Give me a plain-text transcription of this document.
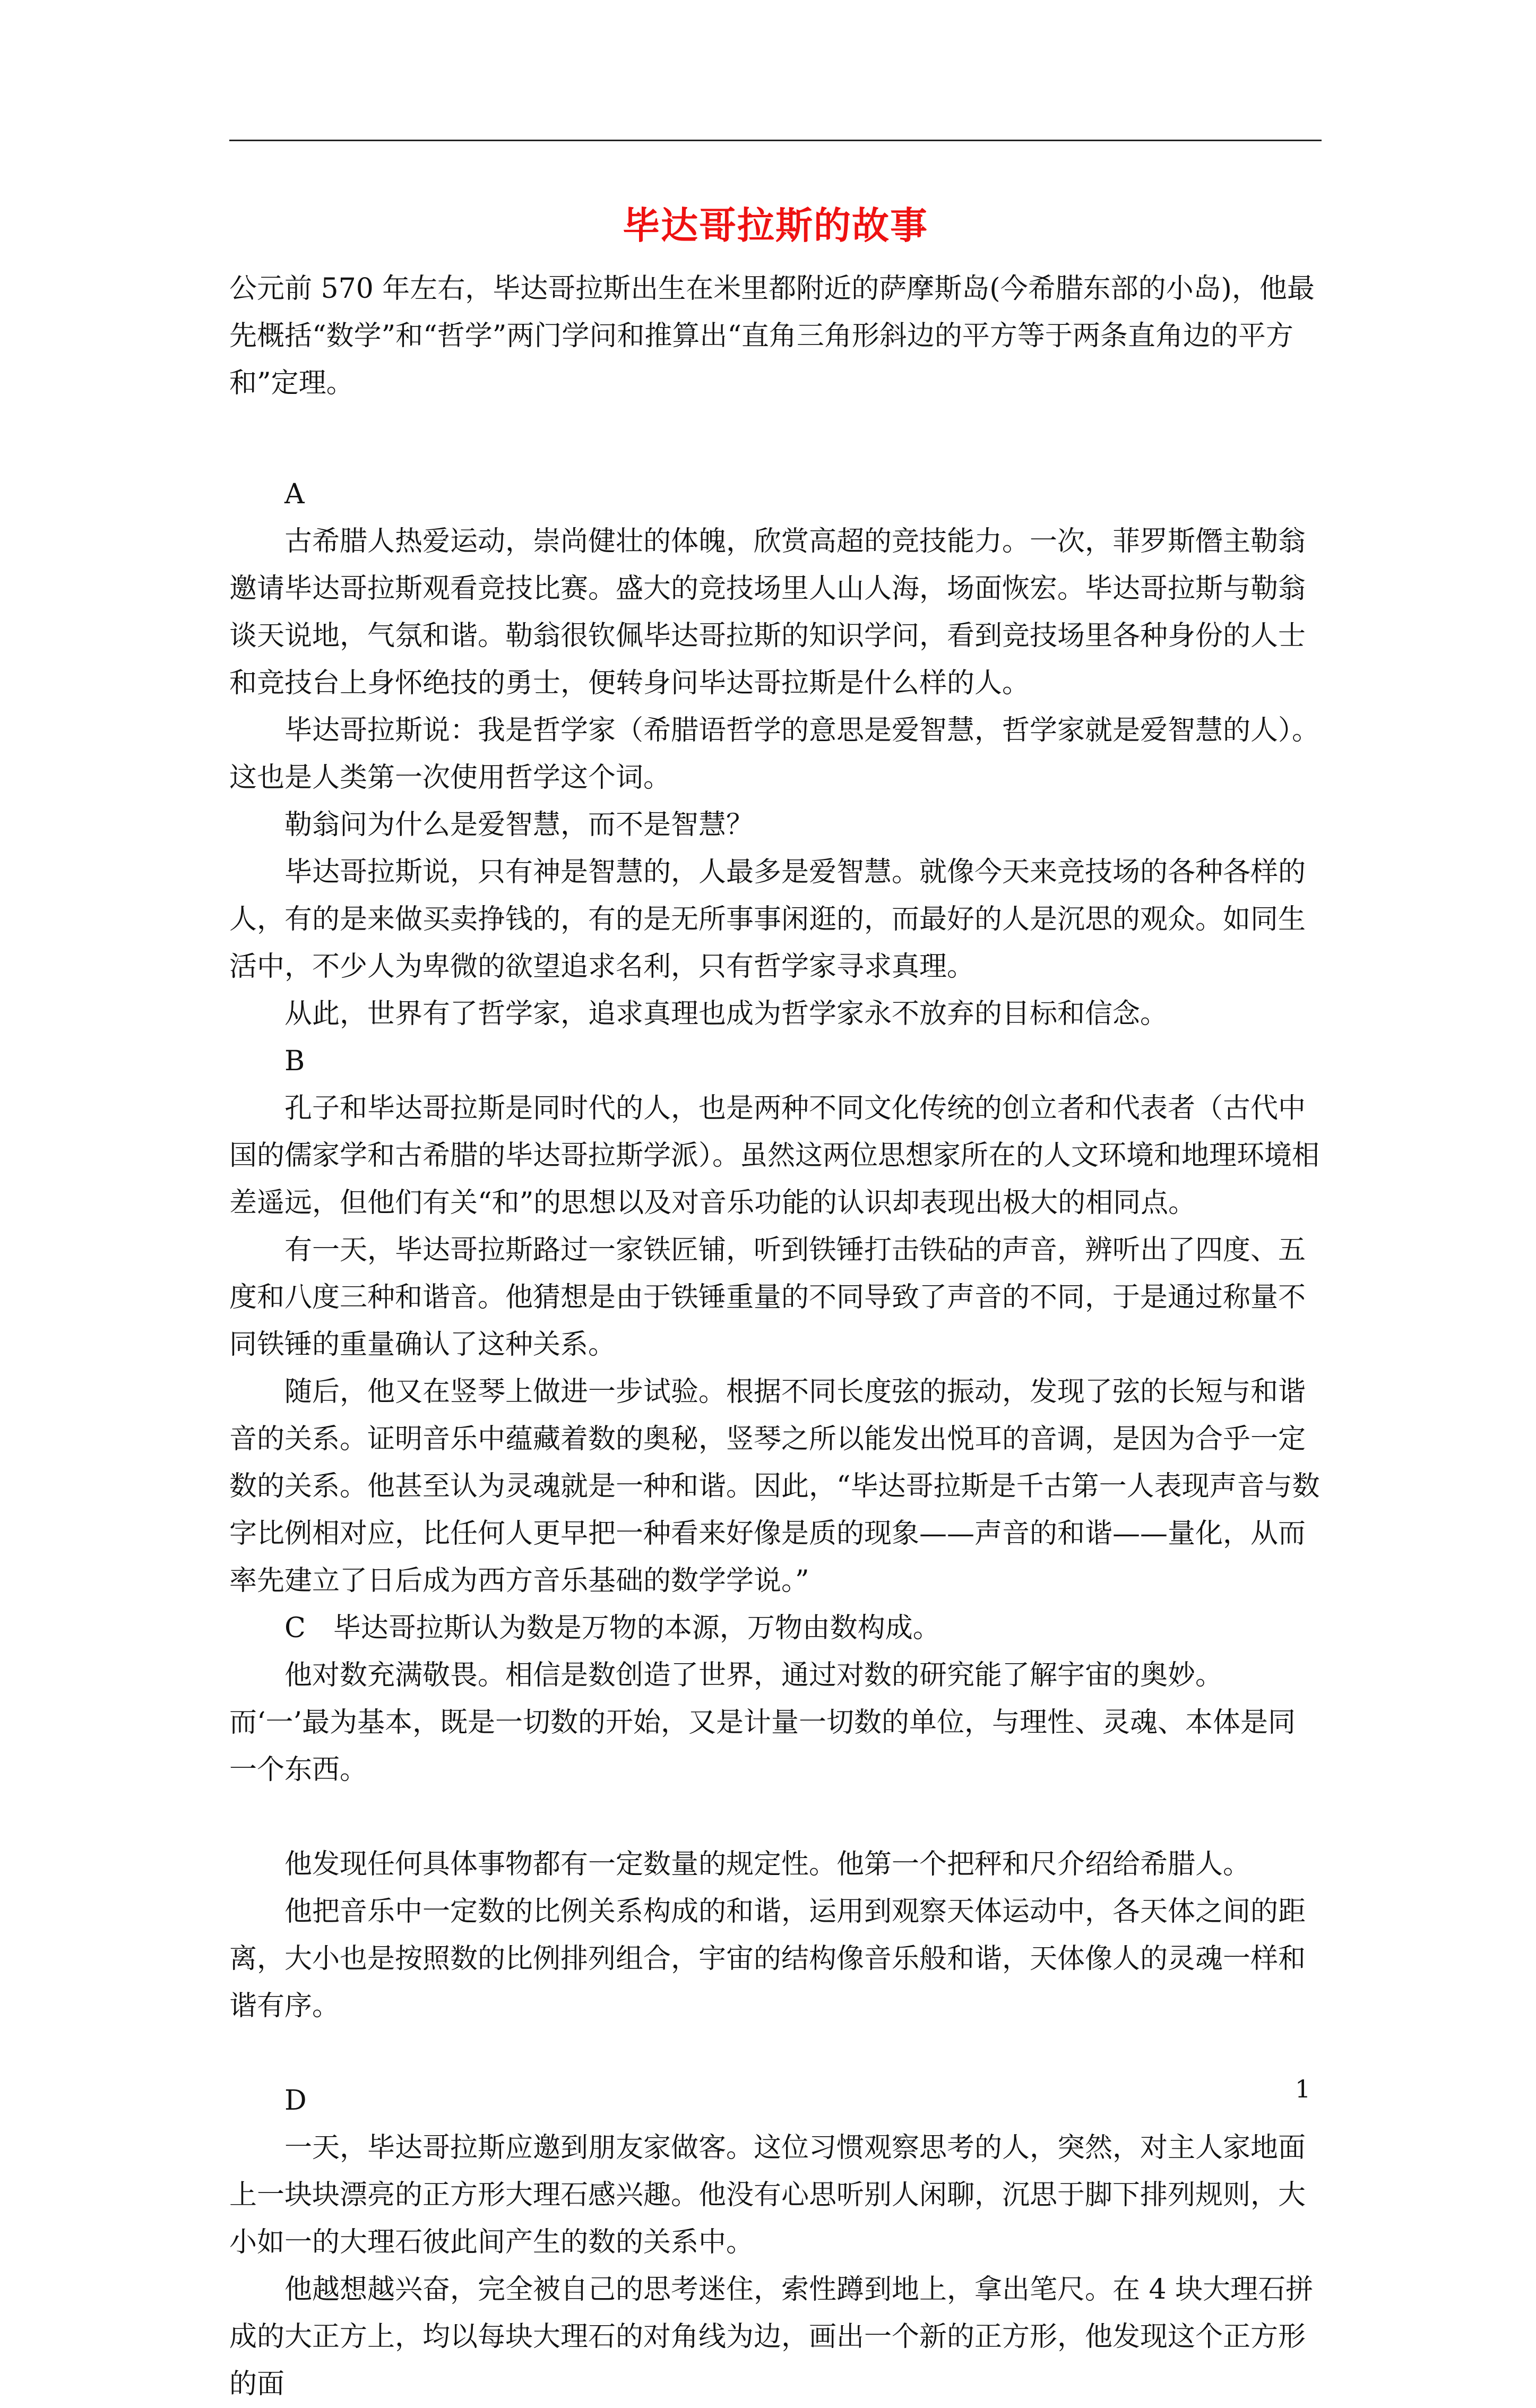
毕达哥拉斯的故事

公元前 570 年左右，毕达哥拉斯出生在米里都附近的萨摩斯岛(今希腊东部的小岛)，他最先概括“数学”和“哲学”两门学问和推算出“直角三角形斜边的平方等于两条直角边的平方和”定理。

A

古希腊人热爱运动，崇尚健壮的体魄，欣赏高超的竞技能力。一次，菲罗斯僭主勒翁邀请毕达哥拉斯观看竞技比赛。盛大的竞技场里人山人海，场面恢宏。毕达哥拉斯与勒翁谈天说地，气氛和谐。勒翁很钦佩毕达哥拉斯的知识学问，看到竞技场里各种身份的人士和竞技台上身怀绝技的勇士，便转身问毕达哥拉斯是什么样的人。

毕达哥拉斯说：我是哲学家（希腊语哲学的意思是爱智慧，哲学家就是爱智慧的人）。这也是人类第一次使用哲学这个词。

勒翁问为什么是爱智慧，而不是智慧？

毕达哥拉斯说，只有神是智慧的，人最多是爱智慧。就像今天来竞技场的各种各样的人，有的是来做买卖挣钱的，有的是无所事事闲逛的，而最好的人是沉思的观众。如同生活中，不少人为卑微的欲望追求名利，只有哲学家寻求真理。

从此，世界有了哲学家，追求真理也成为哲学家永不放弃的目标和信念。

B

孔子和毕达哥拉斯是同时代的人，也是两种不同文化传统的创立者和代表者（古代中国的儒家学和古希腊的毕达哥拉斯学派）。虽然这两位思想家所在的人文环境和地理环境相差遥远，但他们有关“和”的思想以及对音乐功能的认识却表现出极大的相同点。

有一天，毕达哥拉斯路过一家铁匠铺，听到铁锤打击铁砧的声音，辨听出了四度、五度和八度三种和谐音。他猜想是由于铁锤重量的不同导致了声音的不同，于是通过称量不同铁锤的重量确认了这种关系。

随后，他又在竖琴上做进一步试验。根据不同长度弦的振动，发现了弦的长短与和谐音的关系。证明音乐中蕴藏着数的奥秘，竖琴之所以能发出悦耳的音调，是因为合乎一定数的关系。他甚至认为灵魂就是一种和谐。因此，“毕达哥拉斯是千古第一人表现声音与数字比例相对应，比任何人更早把一种看来好像是质的现象——声音的和谐——量化，从而率先建立了日后成为西方音乐基础的数学学说。”

C　毕达哥拉斯认为数是万物的本源，万物由数构成。

他对数充满敬畏。相信是数创造了世界，通过对数的研究能了解宇宙的奥妙。而‘一’最为基本，既是一切数的开始，又是计量一切数的单位，与理性、灵魂、本体是同一个东西。

他发现任何具体事物都有一定数量的规定性。他第一个把秤和尺介绍给希腊人。

他把音乐中一定数的比例关系构成的和谐，运用到观察天体运动中，各天体之间的距离，大小也是按照数的比例排列组合，宇宙的结构像音乐般和谐，天体像人的灵魂一样和谐有序。

D

一天，毕达哥拉斯应邀到朋友家做客。这位习惯观察思考的人，突然，对主人家地面上一块块漂亮的正方形大理石感兴趣。他没有心思听别人闲聊，沉思于脚下排列规则，大小如一的大理石彼此间产生的数的关系中。

他越想越兴奋，完全被自己的思考迷住，索性蹲到地上，拿出笔尺。在 4 块大理石拼成的大正方上，均以每块大理石的对角线为边，画出一个新的正方形，他发现这个正方形的面

1
